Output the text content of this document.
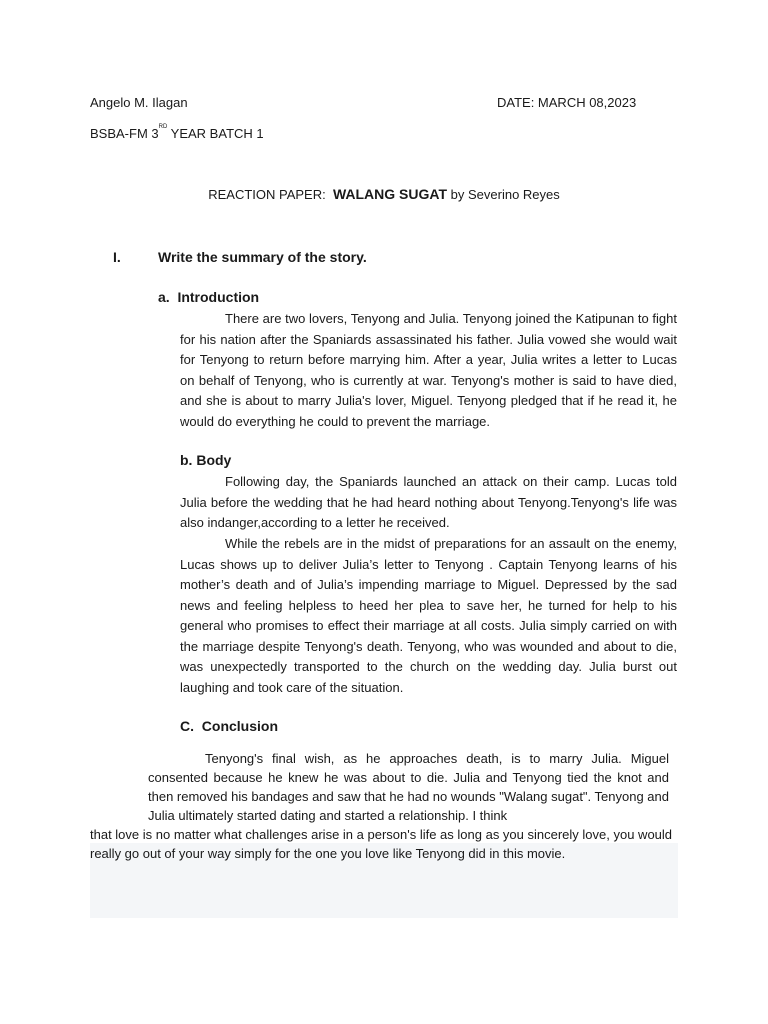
Angelo M. Ilagan	DATE: MARCH 08,2023
BSBA-FM 3RD YEAR BATCH 1
REACTION PAPER:  WALANG SUGAT by Severino Reyes
I.	Write the summary of the story.
a.  Introduction
There are two lovers, Tenyong and Julia. Tenyong joined the Katipunan to fight for his nation after the Spaniards assassinated his father. Julia vowed she would wait for Tenyong to return before marrying him. After a year, Julia writes a letter to Lucas on behalf of Tenyong, who is currently at war. Tenyong's mother is said to have died, and she is about to marry Julia's lover, Miguel. Tenyong pledged that if he read it, he would do everything he could to prevent the marriage.
b. Body
Following day, the Spaniards launched an attack on their camp. Lucas told Julia before the wedding that he had heard nothing about Tenyong.Tenyong's life was also indanger,according to a letter he received.
While the rebels are in the midst of preparations for an assault on the enemy, Lucas shows up to deliver Julia’s letter to Tenyong . Captain Tenyong learns of his mother’s death and of Julia’s impending marriage to Miguel. Depressed by the sad news and feeling helpless to heed her plea to save her, he turned for help to his general who promises to effect their marriage at all costs. Julia simply carried on with the marriage despite Tenyong's death. Tenyong, who was wounded and about to die, was unexpectedly transported to the church on the wedding day. Julia burst out laughing and took care of the situation.
C.  Conclusion
Tenyong's final wish, as he approaches death, is to marry Julia. Miguel consented because he knew he was about to die. Julia and Tenyong tied the knot and then removed his bandages and saw that he had no wounds "Walang sugat". Tenyong and Julia ultimately started dating and started a relationship. I think
that love is no matter what challenges arise in a person's life as long as you sincerely love, you would really go out of your way simply for the one you love like Tenyong did in this movie.
